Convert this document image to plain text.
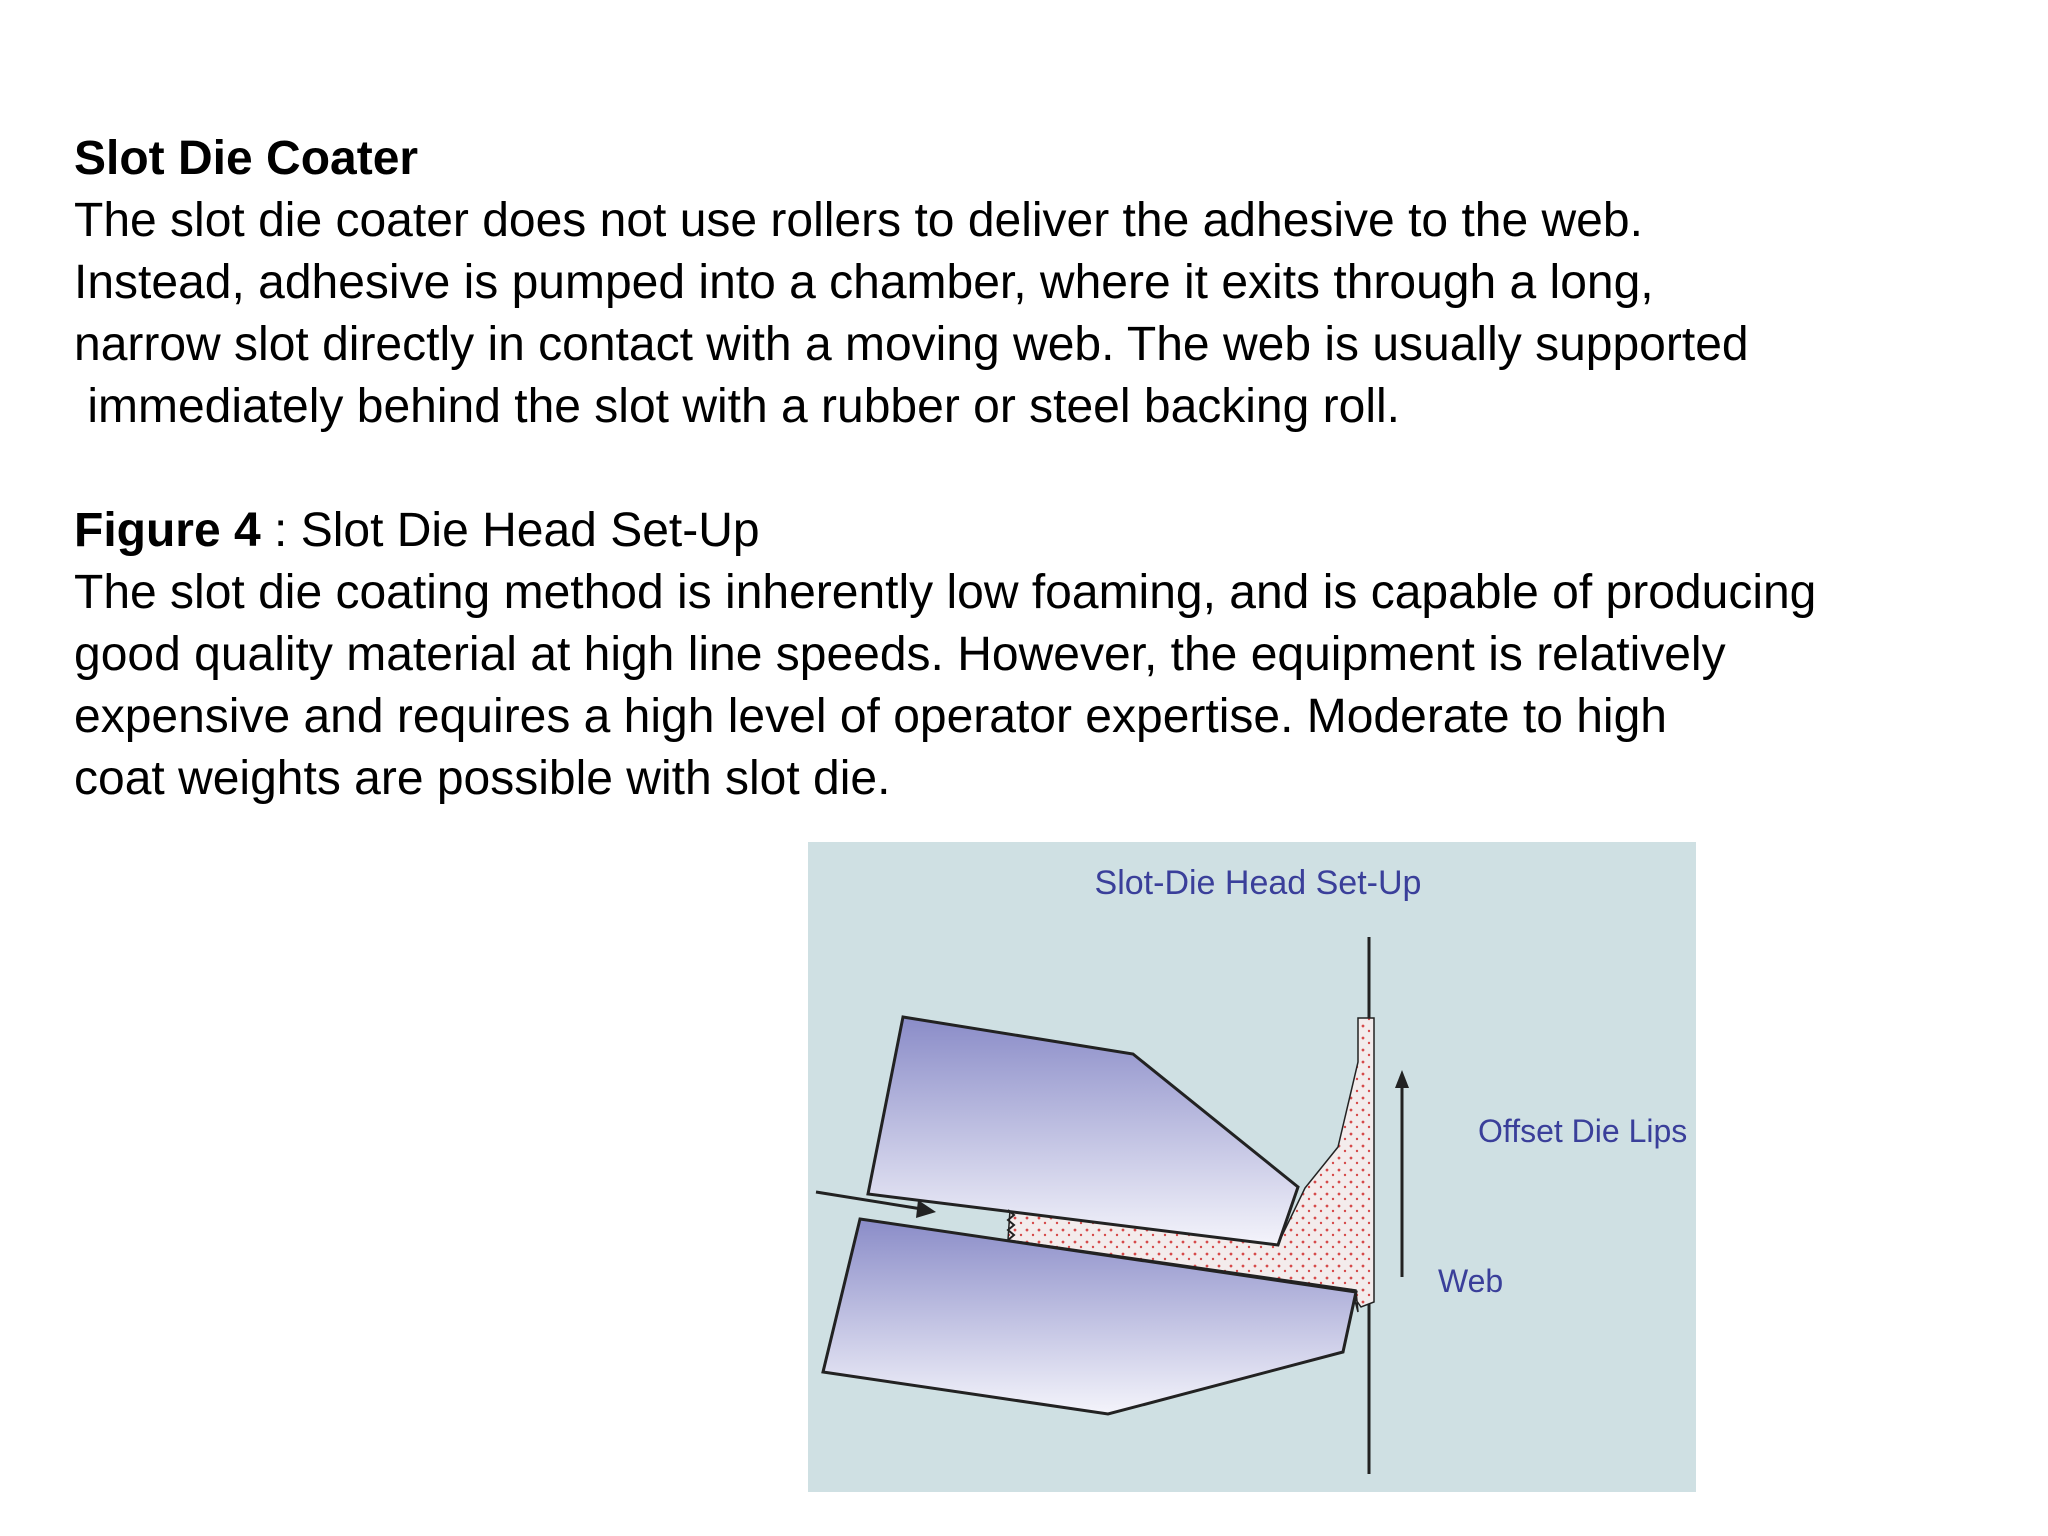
Slot Die Coater
The slot die coater does not use rollers to deliver the adhesive to the web.
Instead, adhesive is pumped into a chamber, where it exits through a long,
narrow slot directly in contact with a moving web. The web is usually supported
immediately behind the slot with a rubber or steel backing roll.
Figure 4 : Slot Die Head Set-Up
The slot die coating method is inherently low foaming, and is capable of producing
good quality material at high line speeds. However, the equipment is relatively
expensive and requires a high level of operator expertise. Moderate to high
coat weights are possible with slot die.
Slot-Die Head Set-Up
Offset Die Lips
Web
